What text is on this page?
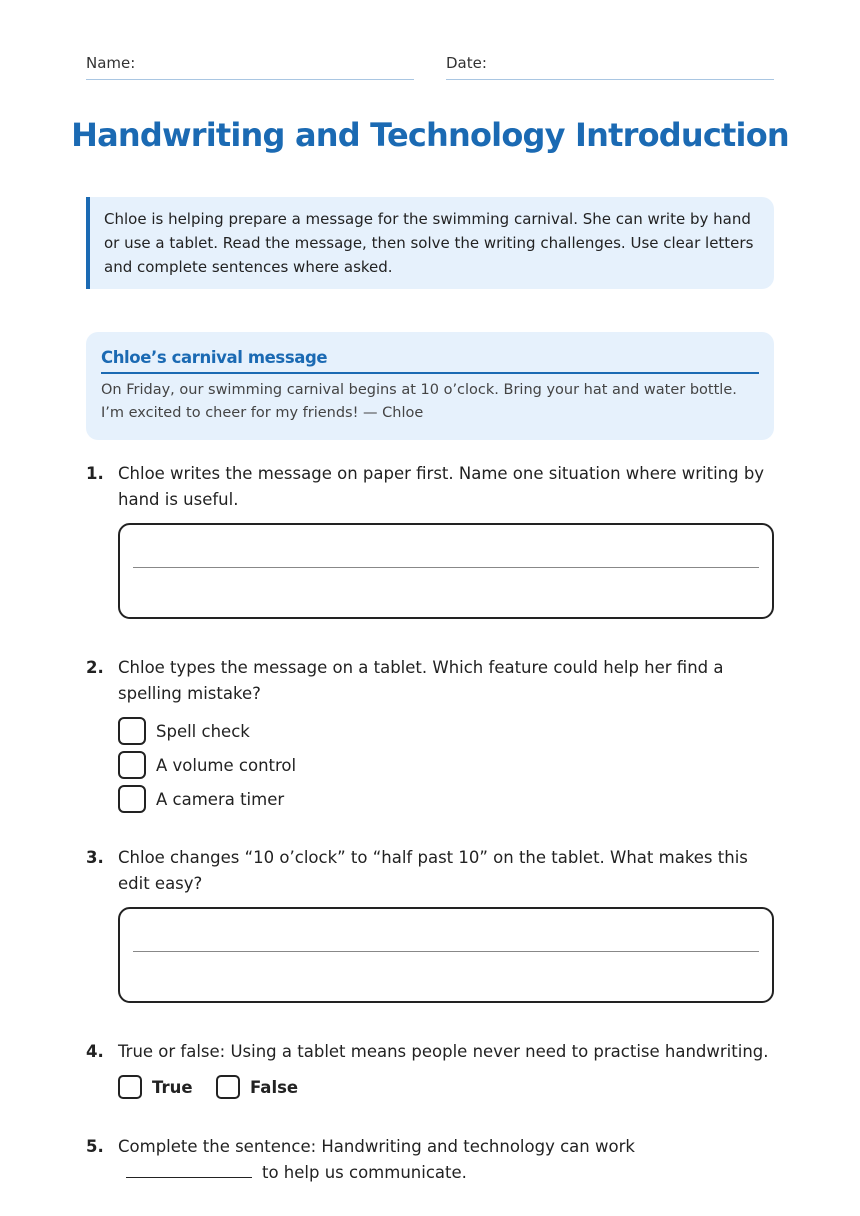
Name:	Date:
Handwriting and Technology Introduction
Chloe is helping prepare a message for the swimming carnival. She can write by hand or use a tablet. Read the message, then solve the writing challenges. Use clear letters and complete sentences where asked.
Chloe’s carnival message
On Friday, our swimming carnival begins at 10 o’clock. Bring your hat and water bottle. I’m excited to cheer for my friends! — Chloe
1. Chloe writes the message on paper first. Name one situation where writing by hand is useful.
2. Chloe types the message on a tablet. Which feature could help her find a spelling mistake?
Spell check
A volume control
A camera timer
3. Chloe changes “10 o’clock” to “half past 10” on the tablet. What makes this edit easy?
4. True or false: Using a tablet means people never need to practise handwriting.
True	False
5. Complete the sentence: Handwriting and technology can workto help us communicate.
